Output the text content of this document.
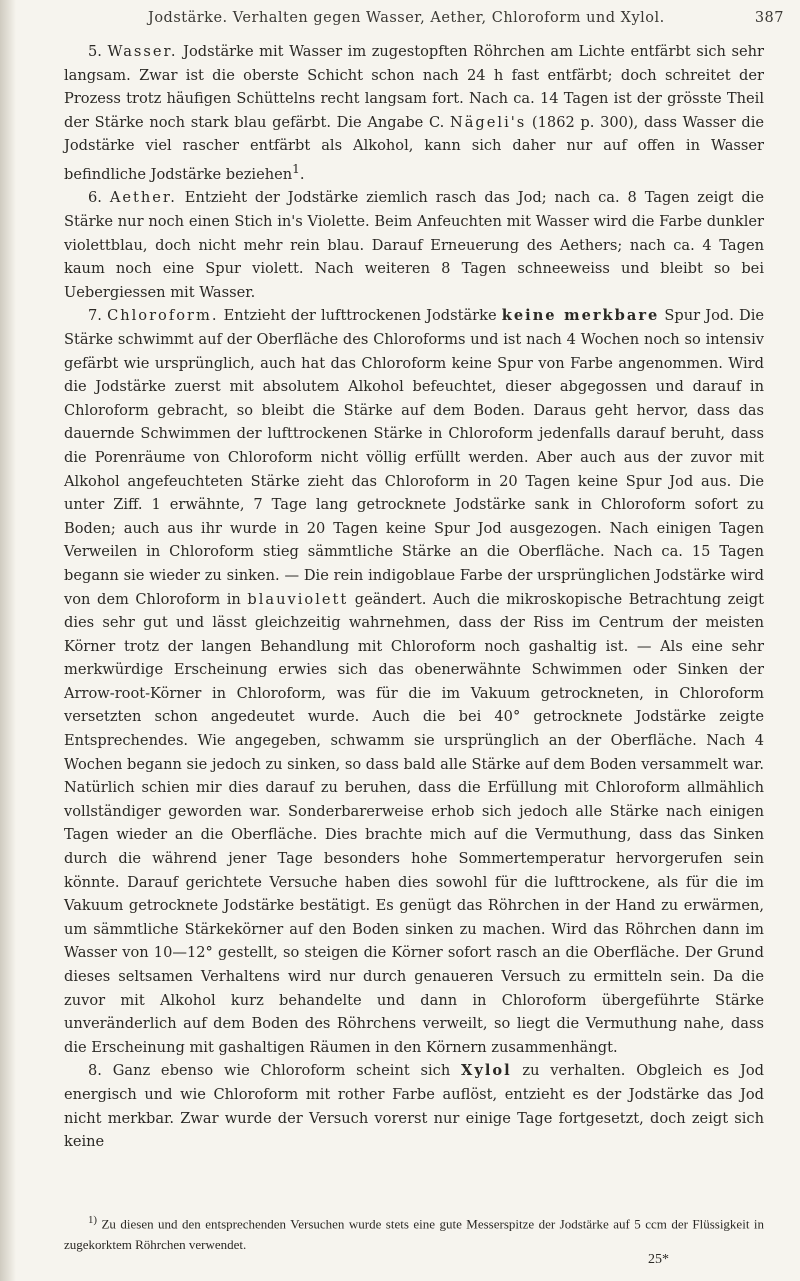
Jodstärke. Verhalten gegen Wasser, Aether, Chloroform und Xylol.	387

5. Wasser. Jodstärke mit Wasser im zugestopften Röhrchen am Lichte entfärbt sich sehr langsam. Zwar ist die oberste Schicht schon nach 24 h fast entfärbt; doch schreitet der Prozess trotz häufigen Schüttelns recht langsam fort. Nach ca. 14 Tagen ist der grösste Theil der Stärke noch stark blau gefärbt. Die Angabe C. Nägeli's (1862 p. 300), dass Wasser die Jodstärke viel rascher entfärbt als Alkohol, kann sich daher nur auf offen in Wasser befindliche Jodstärke beziehen$^1$.

6. Aether. Entzieht der Jodstärke ziemlich rasch das Jod; nach ca. 8 Tagen zeigt die Stärke nur noch einen Stich in's Violette. Beim Anfeuchten mit Wasser wird die Farbe dunkler violettblau, doch nicht mehr rein blau. Darauf Erneuerung des Aethers; nach ca. 4 Tagen kaum noch eine Spur violett. Nach weiteren 8 Tagen schneeweiss und bleibt so bei Uebergiessen mit Wasser.

7. Chloroform. Entzieht der lufttrockenen Jodstärke keine merkbare Spur Jod. Die Stärke schwimmt auf der Oberfläche des Chloroforms und ist nach 4 Wochen noch so intensiv gefärbt wie ursprünglich, auch hat das Chloroform keine Spur von Farbe angenommen. Wird die Jodstärke zuerst mit absolutem Alkohol befeuchtet, dieser abgegossen und darauf in Chloroform gebracht, so bleibt die Stärke auf dem Boden. Daraus geht hervor, dass das dauernde Schwimmen der lufttrockenen Stärke in Chloroform jedenfalls darauf beruht, dass die Porenräume von Chloroform nicht völlig erfüllt werden. Aber auch aus der zuvor mit Alkohol angefeuchteten Stärke zieht das Chloroform in 20 Tagen keine Spur Jod aus. Die unter Ziff. 1 erwähnte, 7 Tage lang getrocknete Jodstärke sank in Chloroform sofort zu Boden; auch aus ihr wurde in 20 Tagen keine Spur Jod ausgezogen. Nach einigen Tagen Verweilen in Chloroform stieg sämmtliche Stärke an die Oberfläche. Nach ca. 15 Tagen begann sie wieder zu sinken. — Die rein indigoblaue Farbe der ursprünglichen Jodstärke wird von dem Chloroform in blauviolett geändert. Auch die mikroskopische Betrachtung zeigt dies sehr gut und lässt gleichzeitig wahrnehmen, dass der Riss im Centrum der meisten Körner trotz der langen Behandlung mit Chloroform noch gashaltig ist. — Als eine sehr merkwürdige Erscheinung erwies sich das obenerwähnte Schwimmen oder Sinken der Arrow-root-Körner in Chloroform, was für die im Vakuum getrockneten, in Chloroform versetzten schon angedeutet wurde. Auch die bei 40° getrocknete Jodstärke zeigte Entsprechendes. Wie angegeben, schwamm sie ursprünglich an der Oberfläche. Nach 4 Wochen begann sie jedoch zu sinken, so dass bald alle Stärke auf dem Boden versammelt war. Natürlich schien mir dies darauf zu beruhen, dass die Erfüllung mit Chloroform allmählich vollständiger geworden war. Sonderbarerweise erhob sich jedoch alle Stärke nach einigen Tagen wieder an die Oberfläche. Dies brachte mich auf die Vermuthung, dass das Sinken durch die während jener Tage besonders hohe Sommertemperatur hervorgerufen sein könnte. Darauf gerichtete Versuche haben dies sowohl für die lufttrockene, als für die im Vakuum getrocknete Jodstärke bestätigt. Es genügt das Röhrchen in der Hand zu erwärmen, um sämmtliche Stärkekörner auf den Boden sinken zu machen. Wird das Röhrchen dann im Wasser von 10—12° gestellt, so steigen die Körner sofort rasch an die Oberfläche. Der Grund dieses seltsamen Verhaltens wird nur durch genaueren Versuch zu ermitteln sein. Da die zuvor mit Alkohol kurz behandelte und dann in Chloroform übergeführte Stärke unveränderlich auf dem Boden des Röhrchens verweilt, so liegt die Vermuthung nahe, dass die Erscheinung mit gashaltigen Räumen in den Körnern zusammenhängt.

8. Ganz ebenso wie Chloroform scheint sich Xylol zu verhalten. Obgleich es Jod energisch und wie Chloroform mit rother Farbe auflöst, entzieht es der Jodstärke das Jod nicht merkbar. Zwar wurde der Versuch vorerst nur einige Tage fortgesetzt, doch zeigt sich keine

$^{1)}$ Zu diesen und den entsprechenden Versuchen wurde stets eine gute Messerspitze der Jodstärke auf 5 ccm der Flüssigkeit in zugekorktem Röhrchen verwendet.

25*
